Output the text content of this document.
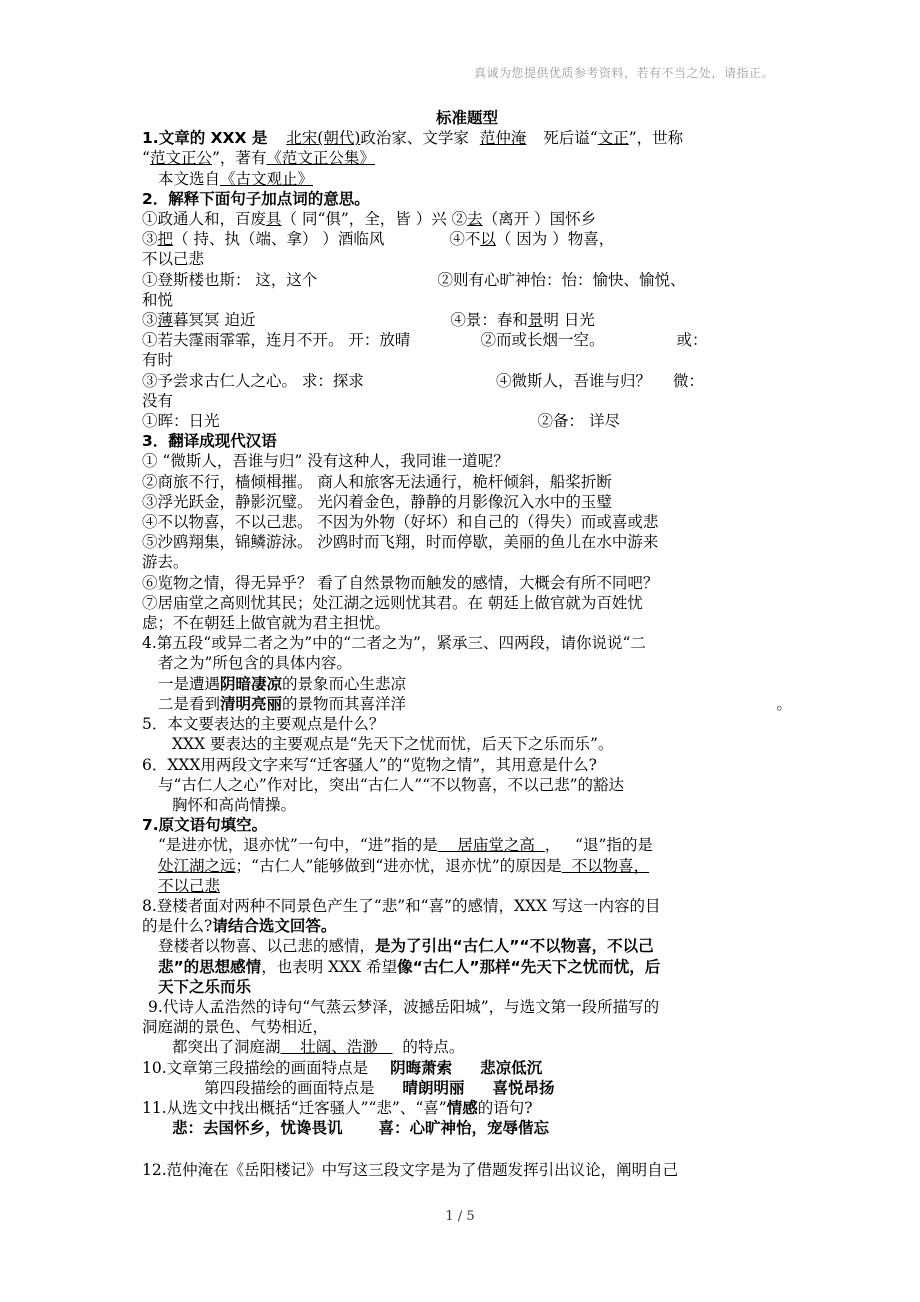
真诚为您提供优质参考资料，若有不当之处，请指正。
标准题型
1.文章的 XXX 是 北宋(朝代)政治家、文学家 范仲淹 死后谥“文正”，世称
“范文正公”，著有《范文正公集》
本文选自《古文观止》
2．解释下面句子加点词的意思。
①政通人和，百废具（ 同“俱”，全，皆 ）兴 ②去（离开 ）国怀乡
③把（ 持、执（端、拿） ）酒临风	④不以（ 因为 ）物喜，
不以己悲
①登斯楼也斯： 这，这个	②则有心旷神怡：怡：愉快、愉悦、
和悦
③薄暮冥冥 迫近	④景：春和景明 日光
①若夫霪雨霏霏，连月不开。 开：放晴	②而或长烟一空。	或：
有时
③予尝求古仁人之心。 求：探求	④微斯人，吾谁与归？ 微：
没有
①晖：日光	②备： 详尽
3．翻译成现代汉语
① “微斯人，吾谁与归” 没有这种人，我同谁一道呢？
②商旅不行，樯倾楫摧。 商人和旅客无法通行，桅杆倾斜，船桨折断
③浮光跃金，静影沉璧。 光闪着金色，静静的月影像沉入水中的玉璧
④不以物喜，不以己悲。 不因为外物（好坏）和自己的（得失）而或喜或悲
⑤沙鸥翔集，锦鳞游泳。 沙鸥时而飞翔，时而停歇，美丽的鱼儿在水中游来
游去。
⑥览物之情，得无异乎？ 看了自然景物而触发的感情，大概会有所不同吧？
⑦居庙堂之高则忧其民；处江湖之远则忧其君。在 朝廷上做官就为百姓忧
虑；不在朝廷上做官就为君主担忧。
4.第五段“或异二者之为”中的“二者之为”，紧承三、四两段，请你说说“二
者之为”所包含的具体内容。
一是遭遇阴暗凄凉的景象而心生悲凉
二是看到清明亮丽的景物而其喜洋洋	。
5．本文要表达的主要观点是什么？
XXX 要表达的主要观点是“先天下之忧而忧，后天下之乐而乐”。
6．XXX用两段文字来写“迁客骚人”的“览物之情”，其用意是什么?
与“古仁人之心”作对比，突出“古仁人”“不以物喜，不以己悲”的豁达
胸怀和高尚情操。
7.原文语句填空。
“是进亦忧，退亦忧”一句中，“进”指的是    居庙堂之高  ，   “退”指的是
处江湖之远；“古仁人”能够做到“进亦忧，退亦忧”的原因是  不以物喜，
不以己悲
8.登楼者面对两种不同景色产生了“悲”和“喜”的感情，XXX 写这一内容的目
的是什么?请结合选文回答。
登楼者以物喜、以己悲的感情，是为了引出“古仁人”“不以物喜，不以己
悲”的思想感情，也表明 XXX 希望像“古仁人”那样“先天下之忧而忧，后
天下之乐而乐
9.代诗人孟浩然的诗句“气蒸云梦泽，波撼岳阳城”，与选文第一段所描写的
洞庭湖的景色、气势相近，
都突出了洞庭湖    壮阔、浩渺     的特点。
10.文章第三段描绘的画面特点是 阴晦萧索 悲凉低沉
第四段描绘的画面特点是 晴朗明丽 喜悦昂扬
11.从选文中找出概括“迁客骚人”“悲”、“喜”情感的语句?
悲：去国怀乡，忧谗畏讥 喜：心旷神怡，宠辱偕忘
12.范仲淹在《岳阳楼记》中写这三段文字是为了借题发挥引出议论，阐明自己
1 / 5
